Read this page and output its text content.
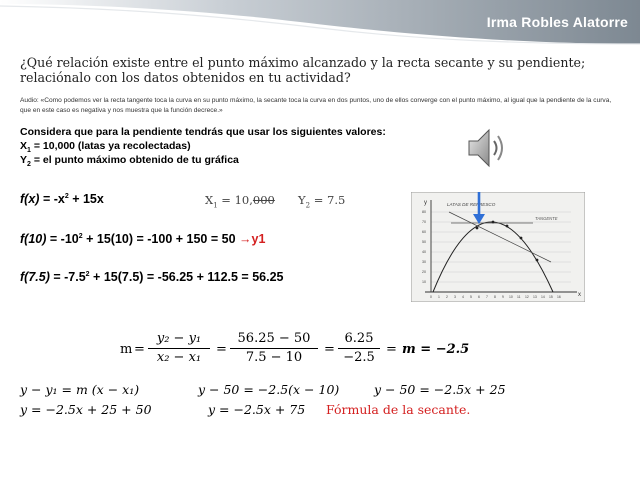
Irma Robles Alatorre
¿Qué relación existe entre el punto máximo alcanzado y la recta secante y su pendiente; relaciónalo con los datos obtenidos en tu actividad?
Audio: «Como podemos ver la recta tangente toca la curva en su punto máximo, la secante toca la curva en dos puntos, uno de ellos converge con el punto máximo, al igual que la pendiente de la curva, que en este caso es negativa y nos muestra que la función decrece.»
Considera que para la pendiente tendrás que usar los siguientes valores:
$X_1 = 10,000$ (latas ya recolectadas)
$Y_2$ = el punto máximo obtenido de tu gráfica
$f(x) = -x^2 + 15x$	$X_1 = 10,000$ $Y_2 = 7.5$
$f(10) = -10^2 + 15(10) = -100 + 150 = 50 \to y1$
$f(7.5) = -7.5^2 + 15(7.5) = -56.25 + 112.5 = 56.25$
y
x
LATAS DE REFRESCO
80
70
60
50
40
30
20
10
0 1 2 3 4 5 6 7 8 9 10 11 12 13 14 15 16
TANGENTE
$m = \frac{\text{y₂ − y₁}}{\text{x₂ − x₁}} = \frac{56.25 - 50}{7.5 - 10} = \frac{6.25}{-2.5} = m = -2.5$
y − y₁ = m (x − x₁)	y − 50 = −2.5(x − 10)	y − 50 = −2.5x + 25
y = −2.5x + 25 + 50	y = −2.5x + 75 Fórmula de la secante.
